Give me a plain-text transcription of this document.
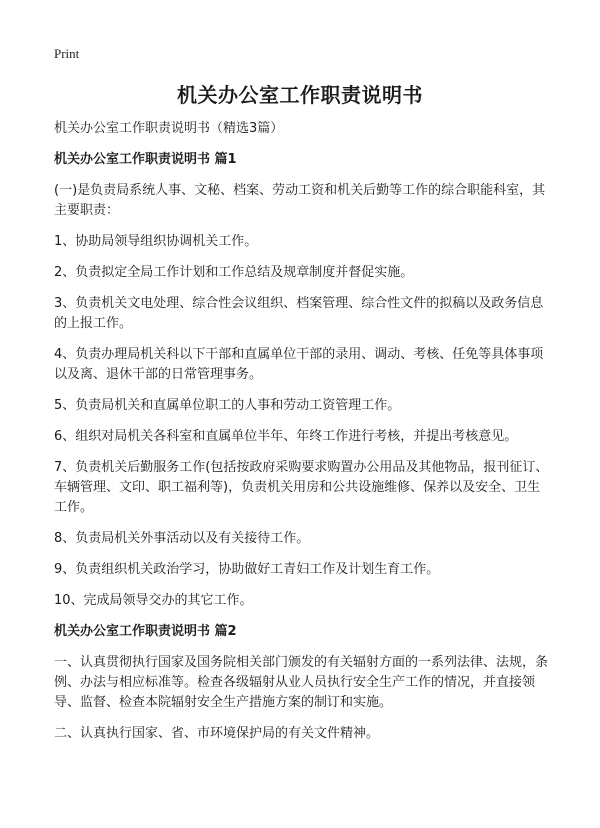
Print
机关办公室工作职责说明书

机关办公室工作职责说明书（精选3篇）

机关办公室工作职责说明书 篇1

(一)是负责局系统人事、文秘、档案、劳动工资和机关后勤等工作的综合职能科室，其主要职责：

1、协助局领导组织协调机关工作。

2、负责拟定全局工作计划和工作总结及规章制度并督促实施。

3、负责机关文电处理、综合性会议组织、档案管理、综合性文件的拟稿以及政务信息的上报工作。

4、负责办理局机关科以下干部和直属单位干部的录用、调动、考核、任免等具体事项以及离、退休干部的日常管理事务。

5、负责局机关和直属单位职工的人事和劳动工资管理工作。

6、组织对局机关各科室和直属单位半年、年终工作进行考核，并提出考核意见。

7、负责机关后勤服务工作(包括按政府采购要求购置办公用品及其他物品，报刊征订、车辆管理、文印、职工福利等)，负责机关用房和公共设施维修、保养以及安全、卫生工作。

8、负责局机关外事活动以及有关接待工作。

9、负责组织机关政治学习，协助做好工青妇工作及计划生育工作。

10、完成局领导交办的其它工作。

机关办公室工作职责说明书 篇2

一、认真贯彻执行国家及国务院相关部门颁发的有关辐射方面的一系列法律、法规，条例、办法与相应标准等。检查各级辐射从业人员执行安全生产工作的情况，并直接领导、监督、检查本院辐射安全生产措施方案的制订和实施。

二、认真执行国家、省、市环境保护局的有关文件精神。
